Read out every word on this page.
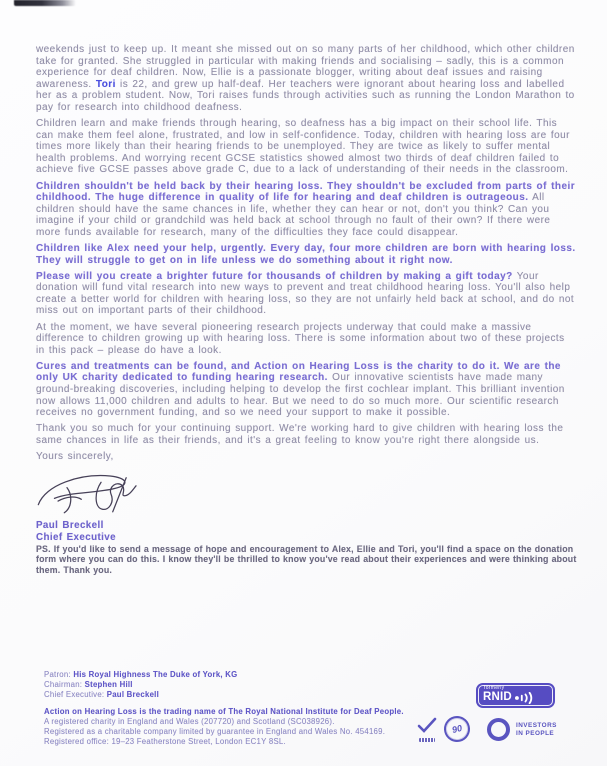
weekends just to keep up. It meant she missed out on so many parts of her childhood, which other children take for granted. She struggled in particular with making friends and socialising – sadly, this is a common experience for deaf children. Now, Ellie is a passionate blogger, writing about deaf issues and raising awareness. Tori is 22, and grew up half-deaf. Her teachers were ignorant about hearing loss and labelled her as a problem student. Now, Tori raises funds through activities such as running the London Marathon to pay for research into childhood deafness.

Children learn and make friends through hearing, so deafness has a big impact on their school life. This can make them feel alone, frustrated, and low in self-confidence. Today, children with hearing loss are four times more likely than their hearing friends to be unemployed. They are twice as likely to suffer mental health problems. And worrying recent GCSE statistics showed almost two thirds of deaf children failed to achieve five GCSE passes above grade C, due to a lack of understanding of their needs in the classroom.

Children shouldn't be held back by their hearing loss. They shouldn't be excluded from parts of their childhood. The huge difference in quality of life for hearing and deaf children is outrageous. All children should have the same chances in life, whether they can hear or not, don't you think? Can you imagine if your child or grandchild was held back at school through no fault of their own? If there were more funds available for research, many of the difficulties they face could disappear.

Children like Alex need your help, urgently. Every day, four more children are born with hearing loss. They will struggle to get on in life unless we do something about it right now.

Please will you create a brighter future for thousands of children by making a gift today? Your donation will fund vital research into new ways to prevent and treat childhood hearing loss. You'll also help create a better world for children with hearing loss, so they are not unfairly held back at school, and do not miss out on important parts of their childhood.

At the moment, we have several pioneering research projects underway that could make a massive difference to children growing up with hearing loss. There is some information about two of these projects in this pack – please do have a look.

Cures and treatments can be found, and Action on Hearing Loss is the charity to do it. We are the only UK charity dedicated to funding hearing research. Our innovative scientists have made many ground-breaking discoveries, including helping to develop the first cochlear implant. This brilliant invention now allows 11,000 children and adults to hear. But we need to do so much more. Our scientific research receives no government funding, and so we need your support to make it possible.

Thank you so much for your continuing support. We're working hard to give children with hearing loss the same chances in life as their friends, and it's a great feeling to know you're right there alongside us.

Yours sincerely,

Paul Breckell
Chief Executive

PS. If you'd like to send a message of hope and encouragement to Alex, Ellie and Tori, you'll find a space on the donation form where you can do this. I know they'll be thrilled to know you've read about their experiences and were thinking about them. Thank you.

Patron: His Royal Highness The Duke of York, KG
Chairman: Stephen Hill
Chief Executive: Paul Breckell
Action on Hearing Loss is the trading name of The Royal National Institute for Deaf People.
A registered charity in England and Wales (207720) and Scotland (SC038926).
Registered as a charitable company limited by guarantee in England and Wales No. 454169.
Registered office: 19–23 Featherstone Street, London EC1Y 8SL.
formerly
RNID
90	INVESTORS
IN PEOPLE
